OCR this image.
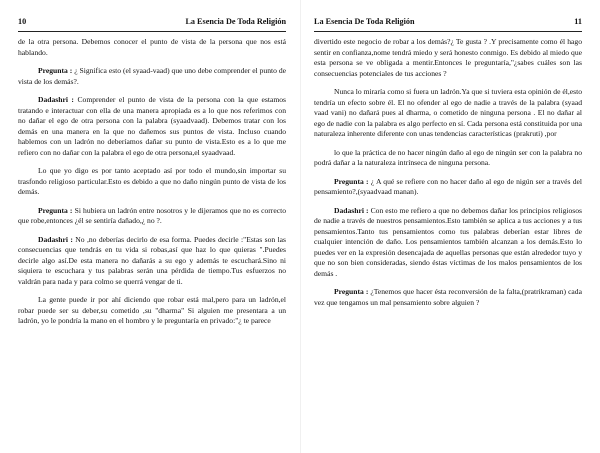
10	La Esencia De Toda Religión

de la otra persona. Debemos conocer el punto de vista de la persona que nos está hablando.

Pregunta : ¿ Significa esto (el syaad-vaad) que uno debe comprender el punto de vista de los demás?.

Dadashri : Comprender el punto de vista de la persona con la que estamos tratando e interactuar con ella de una manera apropiada es a lo que nos referimos con no dañar el ego de otra persona con la palabra (syaadvaad). Debemos tratar con los demás en una manera en la que no dañemos sus puntos de vista. Incluso cuando hablemos con un ladrón no deberíamos dañar su punto de vista.Esto es a lo que me refiero con no dañar con la palabra el ego de otra persona,el syaadvaad.

Lo que yo digo es por tanto aceptado así por todo el mundo,sin importar su trasfondo religioso particular.Esto es debido a que no daño ningún punto de vista de los demás.

Pregunta : Si hubiera un ladrón entre nosotros y le dijeramos que no es correcto que robe,entonces ¿él se sentiría dañado,¿ no ?.

Dadashri : No ,no deberías decirlo de esa forma. Puedes decirle :"Estas son las consecuencias que tendrás en tu vida si robas,así que haz lo que quieras ".Puedes decirle algo así.De esta manera no dañarás a su ego y además te escuchará.Sino ni siquiera te escuchara y tus palabras serán una pérdida de tiempo.Tus esfuerzos no valdrán para nada y para colmo se querrá vengar de ti.

La gente puede ir por ahí diciendo que robar está mal,pero para un ladrón,el robar puede ser su deber,su cometido ,su "dharma" Si alguien me presentara a un ladrón, yo le pondría la mano en el hombro y le preguntaría en privado:"¿ te parece

La Esencia De Toda Religión	11

divertido este negocio de robar a los demás?¿ Te gusta ? .Y precisamente como él hago sentir en confianza,nome tendrá miedo y será honesto conmigo. Es debido al miedo que esta persona se ve obligada a mentir.Entonces le preguntaría,"¿sabes cuáles son las consecuencias potenciales de tus acciones ?

Nunca lo miraría como si fuera un ladrón.Ya que si tuviera esta opinión de él,esto tendría un efecto sobre él. El no ofender al ego de nadie a través de la palabra (syaad vaad vani) no dañará pues al dharma, o cometido de ninguna persona . El no dañar al ego de nadie con la palabra es algo perfecto en sí. Cada persona está constituida por una naturaleza inherente diferente con unas tendencias características (prakruti) ,por

lo que la práctica de no hacer ningún daño al ego de ningún ser con la palabra no podrá dañar a la naturaleza intrínseca de ninguna persona.

Pregunta : ¿ A qué se refiere con no hacer daño al ego de nigún ser a través del pensamiento?,(syaadvaad manan).

Dadashri : Con esto me refiero a que no debemos dañar los principios religiosos de nadie a través de nuestros pensamientos.Esto también se aplica a tus acciones y a tus pensamientos.Tanto tus pensamientos como tus palabras deberían estar libres de cualquier intención de daño. Los pensamientos también alcanzan a los demás.Esto lo puedes ver en la expresión desencajada de aquellas personas que están alrededor tuyo y que no son bien consideradas, siendo éstas víctimas de los malos pensamientos de los demás .

Pregunta : ¿Tenemos que hacer ésta reconversión de la falta,(pratrikraman) cada vez que tengamos un mal pensamiento sobre alguien ?
